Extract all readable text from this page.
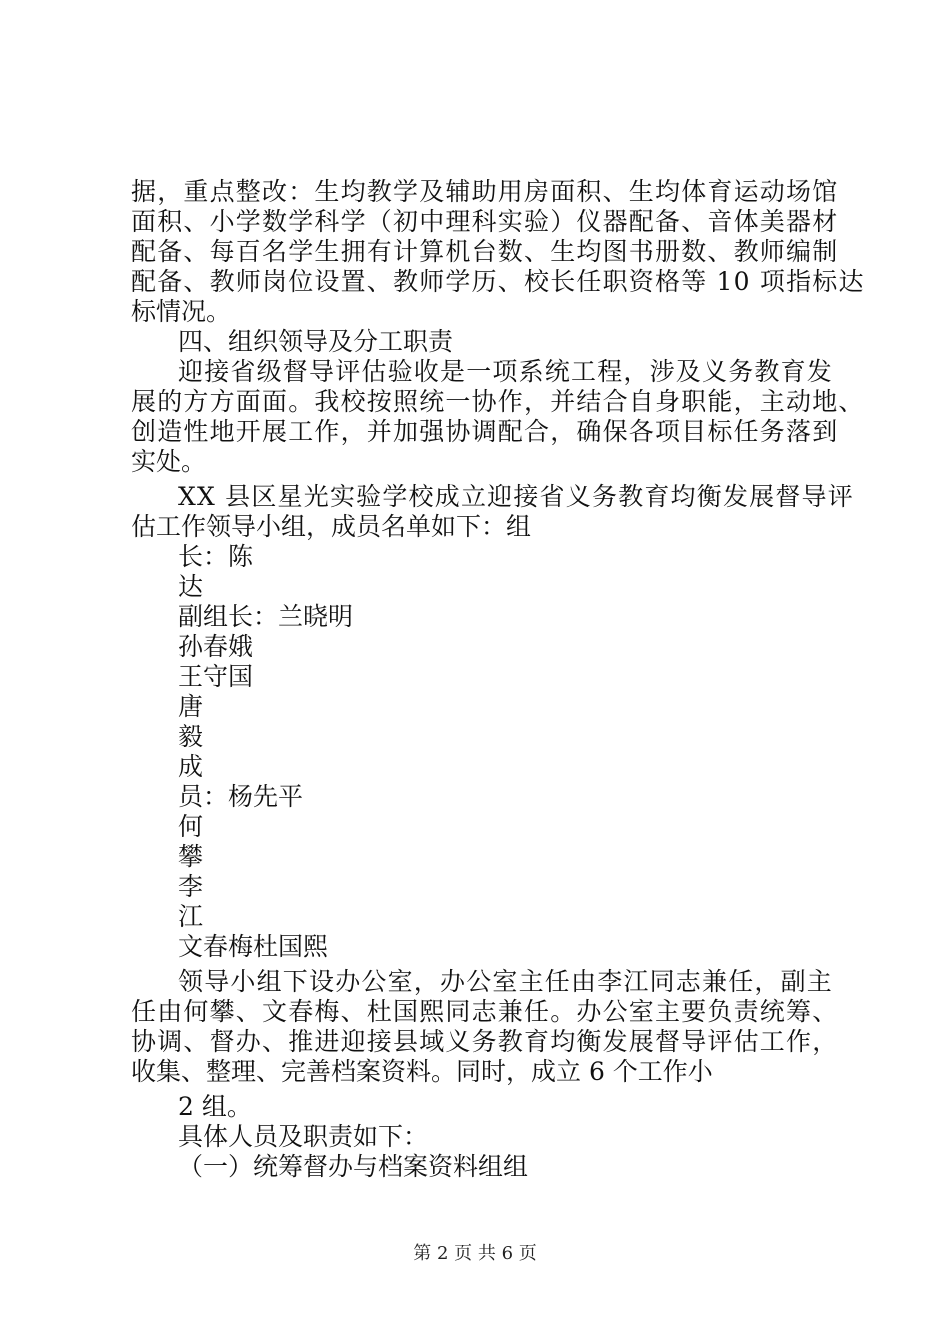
据，重点整改：生均教学及辅助用房面积、生均体育运动场馆
面积、小学数学科学（初中理科实验）仪器配备、音体美器材
配备、每百名学生拥有计算机台数、生均图书册数、教师编制
配备、教师岗位设置、教师学历、校长任职资格等 10 项指标达
标情况。
四、组织领导及分工职责
迎接省级督导评估验收是一项系统工程，涉及义务教育发
展的方方面面。我校按照统一协作，并结合自身职能，主动地、
创造性地开展工作，并加强协调配合，确保各项目标任务落到
实处。
XX 县区星光实验学校成立迎接省义务教育均衡发展督导评
估工作领导小组，成员名单如下：组
长：陈
达
副组长：兰晓明
孙春娥
王守国
唐
毅
成
员：杨先平
何
攀
李
江
文春梅杜国熙
领导小组下设办公室，办公室主任由李江同志兼任，副主
任由何攀、文春梅、杜国熙同志兼任。办公室主要负责统筹、
协调、督办、推进迎接县域义务教育均衡发展督导评估工作，
收集、整理、完善档案资料。同时，成立 6 个工作小
2 组。
具体人员及职责如下：
（一）统筹督办与档案资料组组
第 2 页 共 6 页
